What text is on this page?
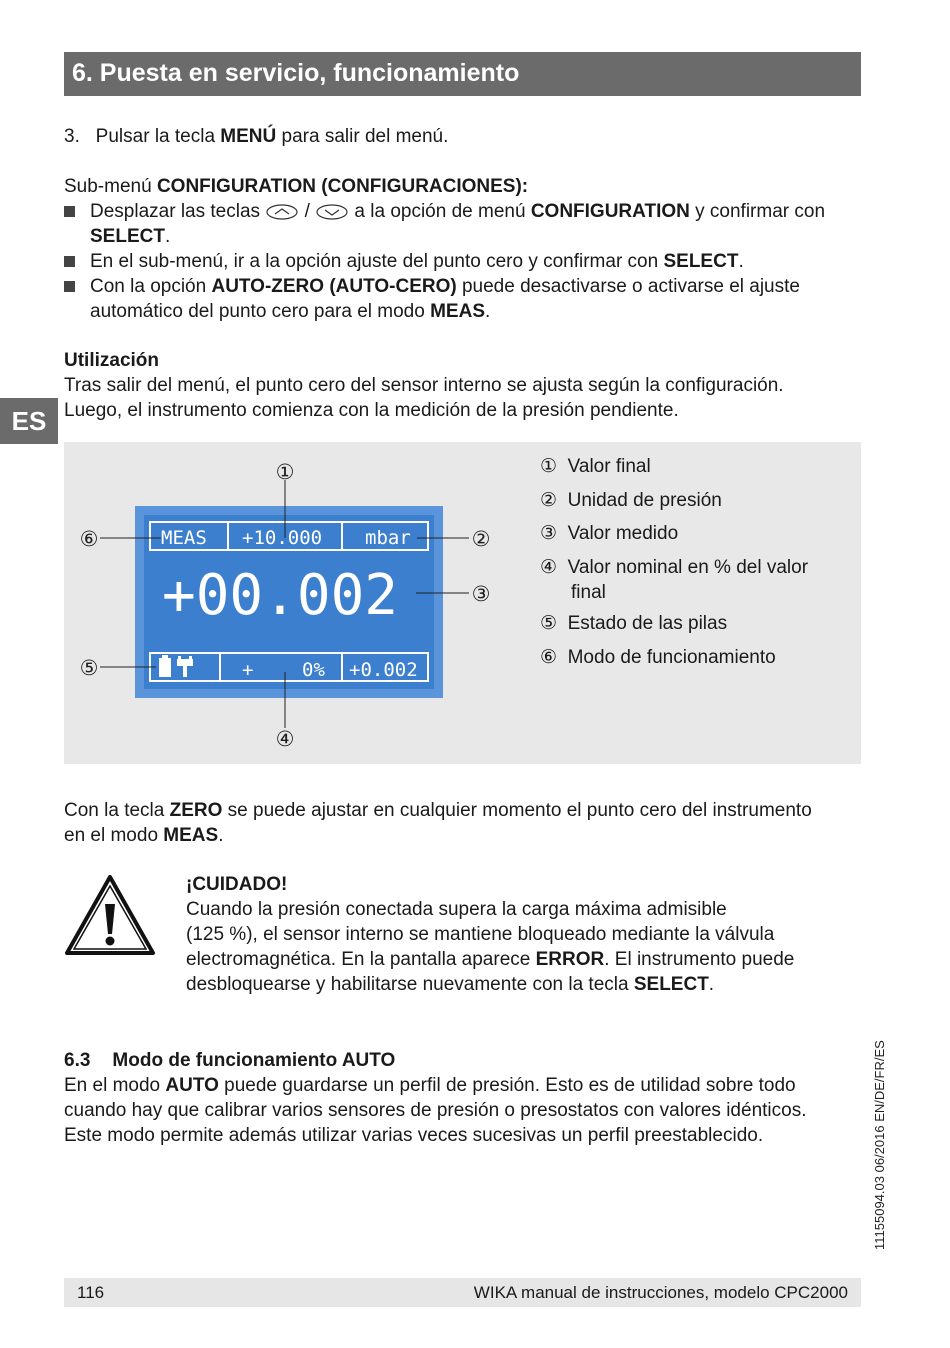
6. Puesta en servicio, funcionamiento
ES
3.   Pulsar la tecla MENÚ para salir del menú.
Sub-menú CONFIGURATION (CONFIGURACIONES):
Desplazar las teclas  /  a la opción de menú CONFIGURATION y confirmar con
SELECT.
En el sub-menú, ir a la opción ajuste del punto cero y confirmar con SELECT.
Con la opción AUTO-ZERO (AUTO-CERO) puede desactivarse o activarse el ajuste
automático del punto cero para el modo MEAS.
Utilización
Tras salir del menú, el punto cero del sensor interno se ajusta según la configuración.
Luego, el instrumento comienza con la medición de la presión pendiente.
MEAS +10.000 mbar
+00.002
+	0% +0.002
①
②
③
④
⑤
⑥
① Valor final
② Unidad de presión
③ Valor medido
④ Valor nominal en % del valor
final
⑤ Estado de las pilas
⑥ Modo de funcionamiento
Con la tecla ZERO se puede ajustar en cualquier momento el punto cero del instrumento
en el modo MEAS.
¡CUIDADO!
Cuando la presión conectada supera la carga máxima admisible
(125 %), el sensor interno se mantiene bloqueado mediante la válvula
electromagnética. En la pantalla aparece ERROR. El instrumento puede
desbloquearse y habilitarse nuevamente con la tecla SELECT.
6.3 Modo de funcionamiento AUTO
En el modo AUTO puede guardarse un perfil de presión. Esto es de utilidad sobre todo
cuando hay que calibrar varios sensores de presión o presostatos con valores idénticos.
Este modo permite además utilizar varias veces sucesivas un perfil preestablecido.	11155094.03 06/2016 EN/DE/FR/ES
116	WIKA manual de instrucciones, modelo CPC2000
